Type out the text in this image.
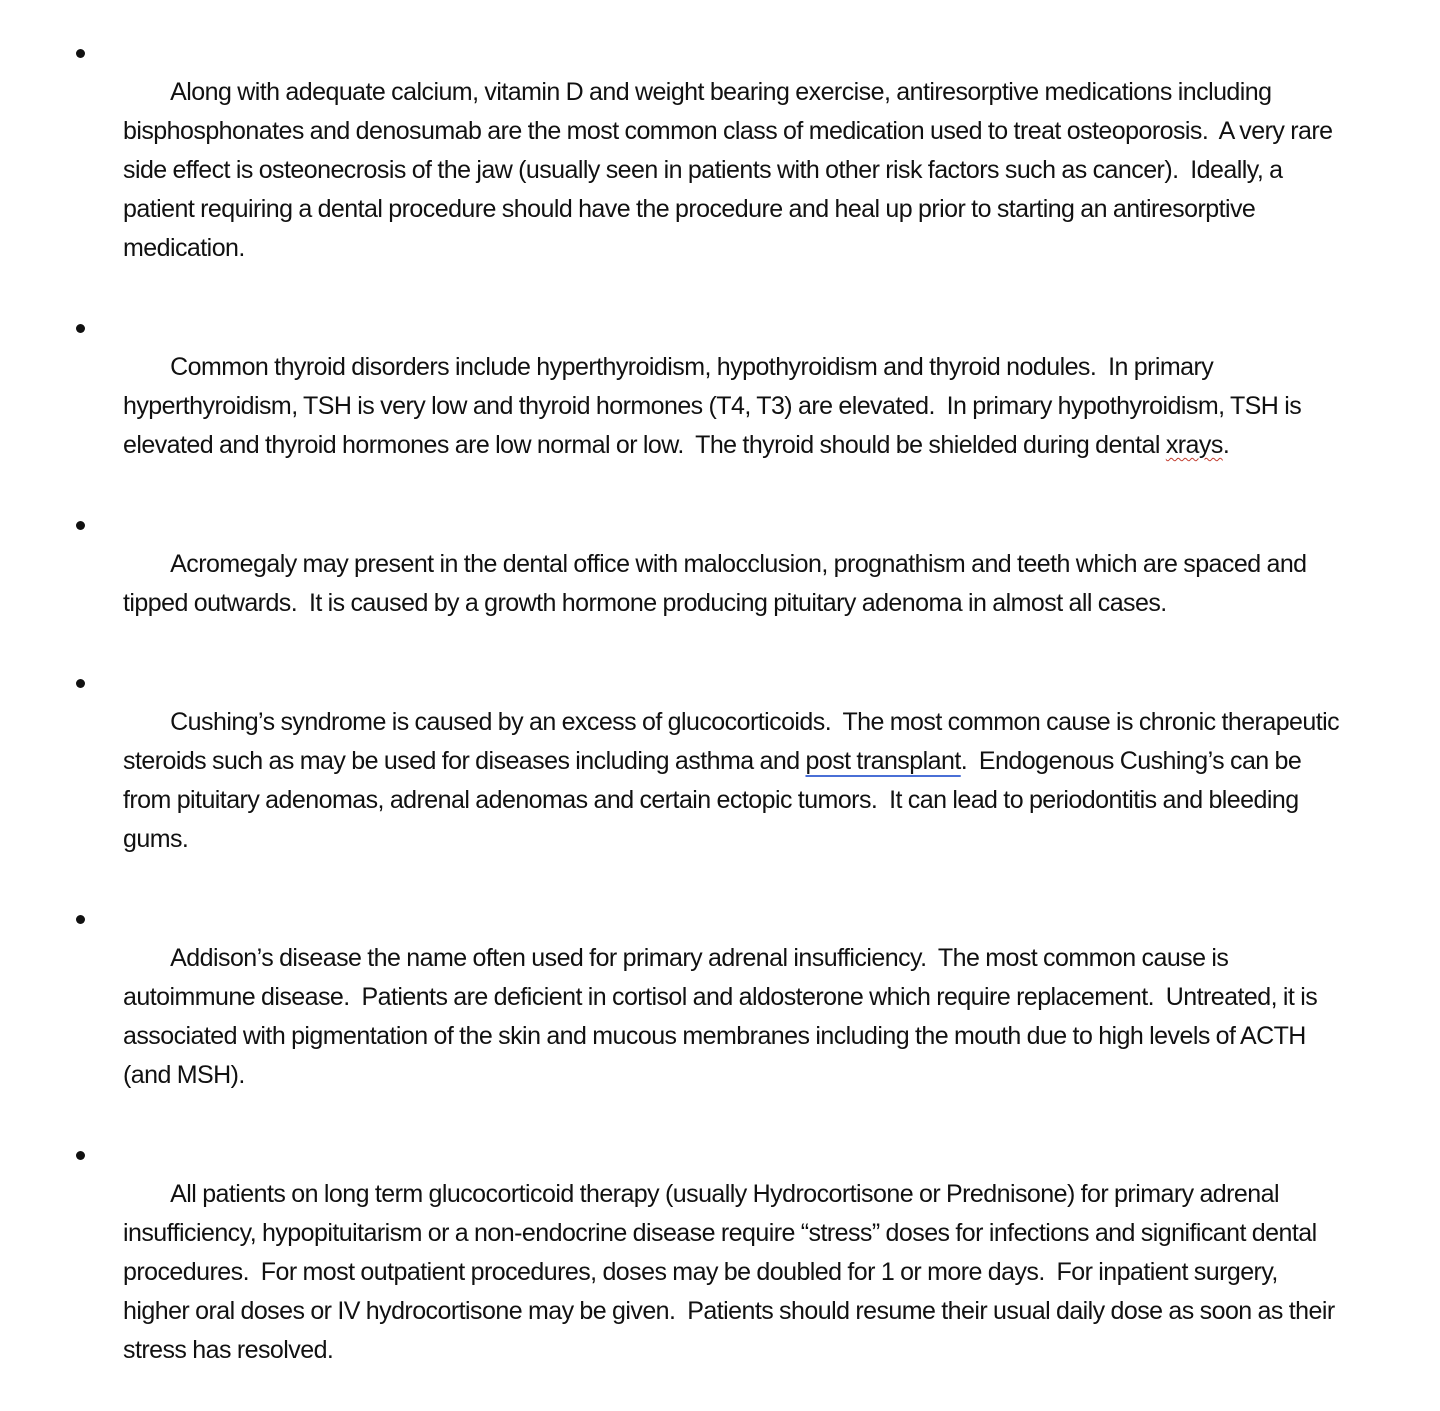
Along with adequate calcium, vitamin D and weight bearing exercise, antiresorptive medications including bisphosphonates and denosumab are the most common class of medication used to treat osteoporosis.  A very rare side effect is osteonecrosis of the jaw (usually seen in patients with other risk factors such as cancer).  Ideally, a patient requiring a dental procedure should have the procedure and heal up prior to starting an antiresorptive medication.

Common thyroid disorders include hyperthyroidism, hypothyroidism and thyroid nodules.  In primary hyperthyroidism, TSH is very low and thyroid hormones (T4, T3) are elevated.  In primary hypothyroidism, TSH is elevated and thyroid hormones are low normal or low.  The thyroid should be shielded during dental xrays.

Acromegaly may present in the dental office with malocclusion, prognathism and teeth which are spaced and tipped outwards.  It is caused by a growth hormone producing pituitary adenoma in almost all cases.

Cushing’s syndrome is caused by an excess of glucocorticoids.  The most common cause is chronic therapeutic steroids such as may be used for diseases including asthma and post transplant.  Endogenous Cushing’s can be from pituitary adenomas, adrenal adenomas and certain ectopic tumors.  It can lead to periodontitis and bleeding gums.

Addison’s disease the name often used for primary adrenal insufficiency.  The most common cause is autoimmune disease.  Patients are deficient in cortisol and aldosterone which require replacement.  Untreated, it is associated with pigmentation of the skin and mucous membranes including the mouth due to high levels of ACTH (and MSH).

All patients on long term glucocorticoid therapy (usually Hydrocortisone or Prednisone) for primary adrenal insufficiency, hypopituitarism or a non-endocrine disease require “stress” doses for infections and significant dental procedures.  For most outpatient procedures, doses may be doubled for 1 or more days.  For inpatient surgery, higher oral doses or IV hydrocortisone may be given.  Patients should resume their usual daily dose as soon as their stress has resolved.
